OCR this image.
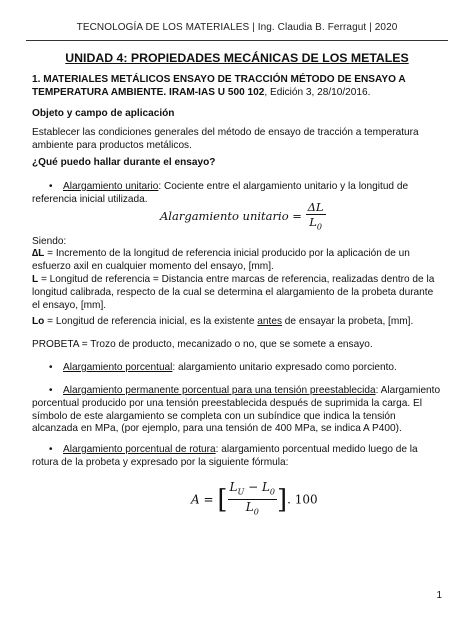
TECNOLOGÍA DE LOS MATERIALES | Ing. Claudia B. Ferragut | 2020
UNIDAD 4: PROPIEDADES MECÁNICAS DE LOS METALES
1. MATERIALES METÁLICOS ENSAYO DE TRACCIÓN MÉTODO DE ENSAYO A TEMPERATURA AMBIENTE. IRAM-IAS U 500 102, Edición 3, 28/10/2016.
Objeto y campo de aplicación
Establecer las condiciones generales del método de ensayo de tracción a temperatura ambiente para productos metálicos.
¿Qué puedo hallar durante el ensayo?
•	Alargamiento unitario: Cociente entre el alargamiento unitario y la longitud de referencia inicial utilizada.
Alargamiento unitario = $\frac{\Delta L}{L_0}$
Siendo:
∆L = Incremento de la longitud de referencia inicial producido por la aplicación de un esfuerzo axil en cualquier momento del ensayo, [mm].
L = Longitud de referencia = Distancia entre marcas de referencia, realizadas dentro de la longitud calibrada, respecto de la cual se determina el alargamiento de la probeta durante el ensayo, [mm].
Lo = Longitud de referencia inicial, es la existente antes de ensayar la probeta, [mm].
PROBETA = Trozo de producto, mecanizado o no, que se somete a ensayo.
•	Alargamiento porcentual: alargamiento unitario expresado como porciento.
•	Alargamiento permanente porcentual para una tensión preestablecida: Alargamiento porcentual producido por una tensión preestablecida después de suprimida la carga. El símbolo de este alargamiento se completa con un subíndice que indica la tensión alcanzada en MPa, (por ejemplo, para una tensión de 400 MPa, se indica A P400).
•	Alargamiento porcentual de rotura: alargamiento porcentual medido luego de la rotura de la probeta y expresado por la siguiente fórmula:
A = [ $\frac{L_U - L_0}{L_0}$ ]. 100
1
